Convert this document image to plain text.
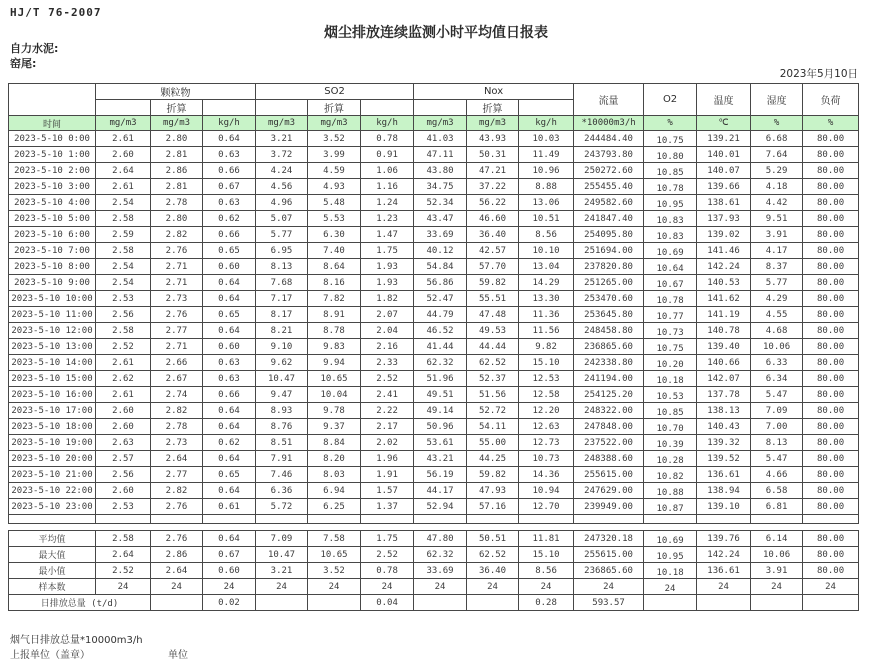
HJ/T 76-2007
烟尘排放连续监测小时平均值日报表
自力水泥:
窑尾:
2023年5月10日
	颗粒物			SO2			Nox			流量	O2	温度	湿度	负荷
		折算			折算			折算						
时间	mg/m3	mg/m3	kg/h	mg/m3	mg/m3	kg/h	mg/m3	mg/m3	kg/h	*10000m3/h	%	℃	%	%
2023-5-10 0:00	2.61	2.80	0.64	3.21	3.52	0.78	41.03	43.93	10.03	244484.40	10.75	139.21	6.68	80.00
2023-5-10 1:00	2.60	2.81	0.63	3.72	3.99	0.91	47.11	50.31	11.49	243793.80	10.80	140.01	7.64	80.00
2023-5-10 2:00	2.64	2.86	0.66	4.24	4.59	1.06	43.80	47.21	10.96	250272.60	10.85	140.07	5.29	80.00
2023-5-10 3:00	2.61	2.81	0.67	4.56	4.93	1.16	34.75	37.22	8.88	255455.40	10.78	139.66	4.18	80.00
2023-5-10 4:00	2.54	2.78	0.63	4.96	5.48	1.24	52.34	56.22	13.06	249582.60	10.95	138.61	4.42	80.00
2023-5-10 5:00	2.58	2.80	0.62	5.07	5.53	1.23	43.47	46.60	10.51	241847.40	10.83	137.93	9.51	80.00
2023-5-10 6:00	2.59	2.82	0.66	5.77	6.30	1.47	33.69	36.40	8.56	254095.80	10.83	139.02	3.91	80.00
2023-5-10 7:00	2.58	2.76	0.65	6.95	7.40	1.75	40.12	42.57	10.10	251694.00	10.69	141.46	4.17	80.00
2023-5-10 8:00	2.54	2.71	0.60	8.13	8.64	1.93	54.84	57.70	13.04	237820.80	10.64	142.24	8.37	80.00
2023-5-10 9:00	2.54	2.71	0.64	7.68	8.16	1.93	56.86	59.82	14.29	251265.00	10.67	140.53	5.77	80.00
2023-5-10 10:00	2.53	2.73	0.64	7.17	7.82	1.82	52.47	55.51	13.30	253470.60	10.78	141.62	4.29	80.00
2023-5-10 11:00	2.56	2.76	0.65	8.17	8.91	2.07	44.79	47.48	11.36	253645.80	10.77	141.19	4.55	80.00
2023-5-10 12:00	2.58	2.77	0.64	8.21	8.78	2.04	46.52	49.53	11.56	248458.80	10.73	140.78	4.68	80.00
2023-5-10 13:00	2.52	2.71	0.60	9.10	9.83	2.16	41.44	44.44	9.82	236865.60	10.75	139.40	10.06	80.00
2023-5-10 14:00	2.61	2.66	0.63	9.62	9.94	2.33	62.32	62.52	15.10	242338.80	10.20	140.66	6.33	80.00
2023-5-10 15:00	2.62	2.67	0.63	10.47	10.65	2.52	51.96	52.37	12.53	241194.00	10.18	142.07	6.34	80.00
2023-5-10 16:00	2.61	2.74	0.66	9.47	10.04	2.41	49.51	51.56	12.58	254125.20	10.53	137.78	5.47	80.00
2023-5-10 17:00	2.60	2.82	0.64	8.93	9.78	2.22	49.14	52.72	12.20	248322.00	10.85	138.13	7.09	80.00
2023-5-10 18:00	2.60	2.78	0.64	8.76	9.37	2.17	50.96	54.11	12.63	247848.00	10.70	140.43	7.00	80.00
2023-5-10 19:00	2.63	2.73	0.62	8.51	8.84	2.02	53.61	55.00	12.73	237522.00	10.39	139.32	8.13	80.00
2023-5-10 20:00	2.57	2.64	0.64	7.91	8.20	1.96	43.21	44.25	10.73	248388.60	10.28	139.52	5.47	80.00
2023-5-10 21:00	2.56	2.77	0.65	7.46	8.03	1.91	56.19	59.82	14.36	255615.00	10.82	136.61	4.66	80.00
2023-5-10 22:00	2.60	2.82	0.64	6.36	6.94	1.57	44.17	47.93	10.94	247629.00	10.88	138.94	6.58	80.00
2023-5-10 23:00	2.53	2.76	0.61	5.72	6.25	1.37	52.94	57.16	12.70	239949.00	10.87	139.10	6.81	80.00

平均值	2.58	2.76	0.64	7.09	7.58	1.75	47.80	50.51	11.81	247320.18	10.69	139.76	6.14	80.00
最大值	2.64	2.86	0.67	10.47	10.65	2.52	62.32	62.52	15.10	255615.00	10.95	142.24	10.06	80.00
最小值	2.52	2.64	0.60	3.21	3.52	0.78	33.69	36.40	8.56	236865.60	10.18	136.61	3.91	80.00
样本数	24	24	24	24	24	24	24	24	24	24	24	24	24	24
日排放总量 (t/d)			0.02			0.04			0.28	593.57				
烟气日排放总量*10000m3/h
上报单位（盖章）	单位
